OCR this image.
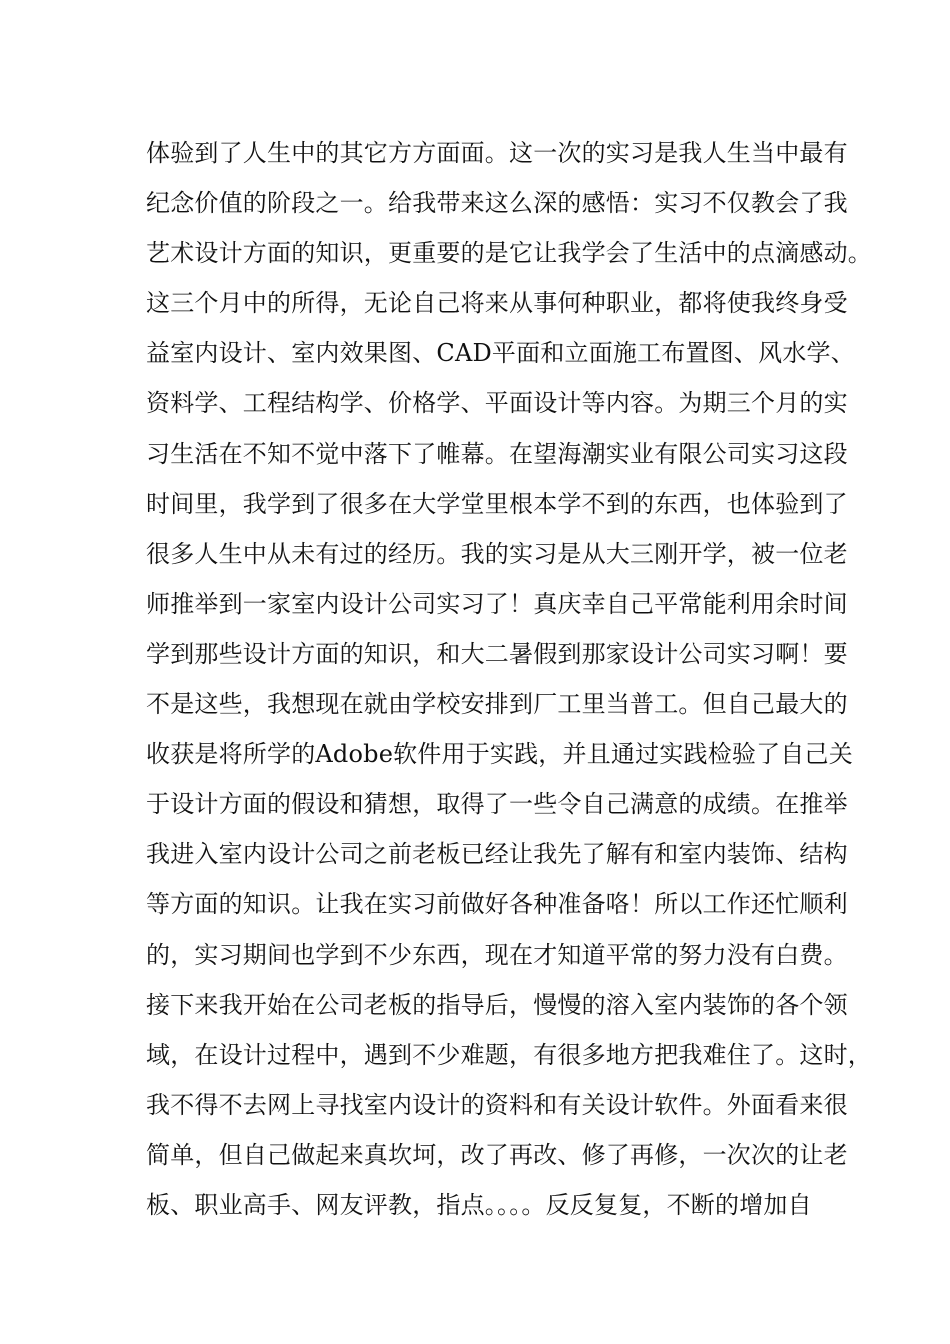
体验到了人生中的其它方方面面。这一次的实习是我人生当中最有
纪念价值的阶段之一。给我带来这么深的感悟：实习不仅教会了我
艺术设计方面的知识，更重要的是它让我学会了生活中的点滴感动。
这三个月中的所得，无论自己将来从事何种职业，都将使我终身受
益室内设计、室内效果图、CAD平面和立面施工布置图、风水学、
资料学、工程结构学、价格学、平面设计等内容。为期三个月的实
习生活在不知不觉中落下了帷幕。在望海潮实业有限公司实习这段
时间里，我学到了很多在大学堂里根本学不到的东西，也体验到了
很多人生中从未有过的经历。我的实习是从大三刚开学，被一位老
师推举到一家室内设计公司实习了！真庆幸自己平常能利用余时间
学到那些设计方面的知识，和大二暑假到那家设计公司实习啊！要
不是这些，我想现在就由学校安排到厂工里当普工。但自己最大的
收获是将所学的Adobe软件用于实践，并且通过实践检验了自己关
于设计方面的假设和猜想，取得了一些令自己满意的成绩。在推举
我进入室内设计公司之前老板已经让我先了解有和室内装饰、结构
等方面的知识。让我在实习前做好各种准备咯！所以工作还忙顺利
的，实习期间也学到不少东西，现在才知道平常的努力没有白费。
接下来我开始在公司老板的指导后，慢慢的溶入室内装饰的各个领
域，在设计过程中，遇到不少难题，有很多地方把我难住了。这时，
我不得不去网上寻找室内设计的资料和有关设计软件。外面看来很
简单，但自己做起来真坎坷，改了再改、修了再修，一次次的让老
板、职业高手、网友评教，指点。。。。反反复复，不断的增加自
